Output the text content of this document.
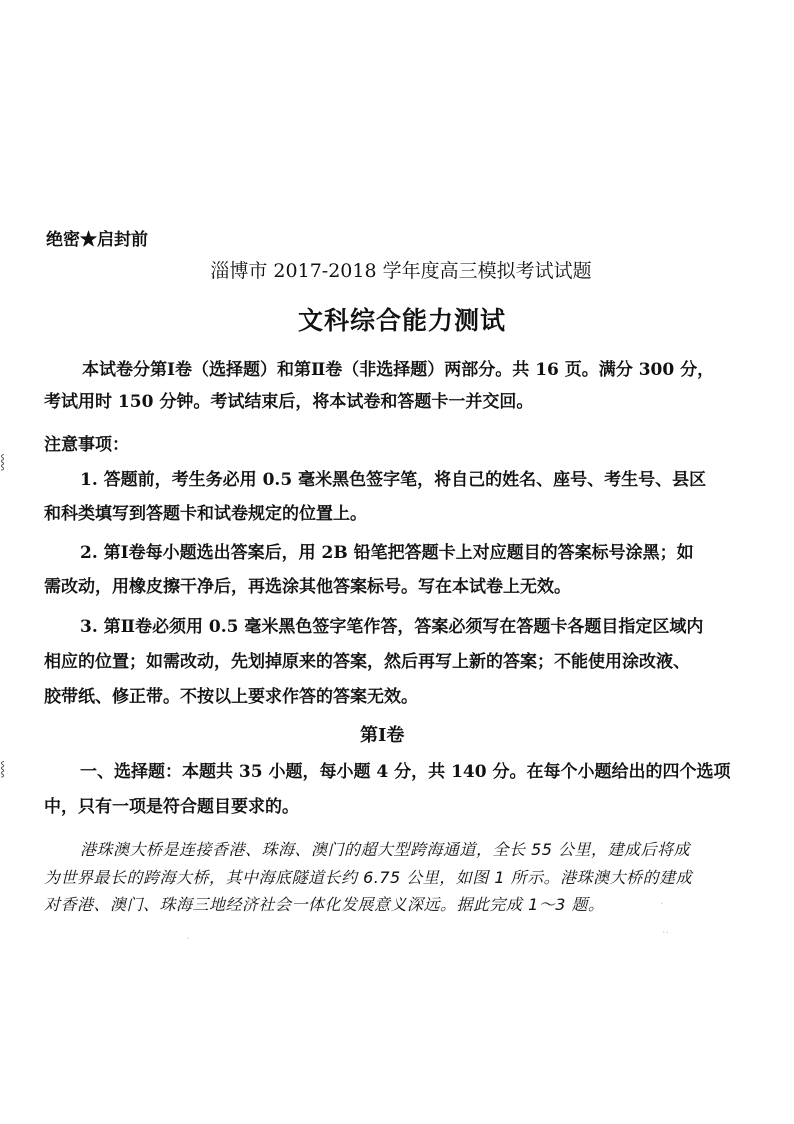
⸾
⸾
绝密★启封前
淄博市 2017-2018 学年度高三模拟考试试题
文科综合能力测试
本试卷分第Ⅰ卷（选择题）和第Ⅱ卷（非选择题）两部分。共 16 页。满分 300 分，
考试用时 150 分钟。考试结束后，将本试卷和答题卡一并交回。
注意事项：
1. 答题前，考生务必用 0.5 毫米黑色签字笔，将自己的姓名、座号、考生号、县区
和科类填写到答题卡和试卷规定的位置上。
2. 第Ⅰ卷每小题选出答案后，用 2B 铅笔把答题卡上对应题目的答案标号涂黑；如
需改动，用橡皮擦干净后，再选涂其他答案标号。写在本试卷上无效。
3. 第Ⅱ卷必须用 0.5 毫米黑色签字笔作答，答案必须写在答题卡各题目指定区域内
相应的位置；如需改动，先划掉原来的答案，然后再写上新的答案；不能使用涂改液、
胶带纸、修正带。不按以上要求作答的答案无效。
第Ⅰ卷
一、选择题：本题共 35 小题，每小题 4 分，共 140 分。在每个小题给出的四个选项
中，只有一项是符合题目要求的。
港珠澳大桥是连接香港、珠海、澳门的超大型跨海通道，全长 55 公里，建成后将成
为世界最长的跨海大桥，其中海底隧道长约 6.75 公里，如图 1 所示。港珠澳大桥的建成
对香港、澳门、珠海三地经济社会一体化发展意义深远。据此完成 1～3 题。	·
··
·
